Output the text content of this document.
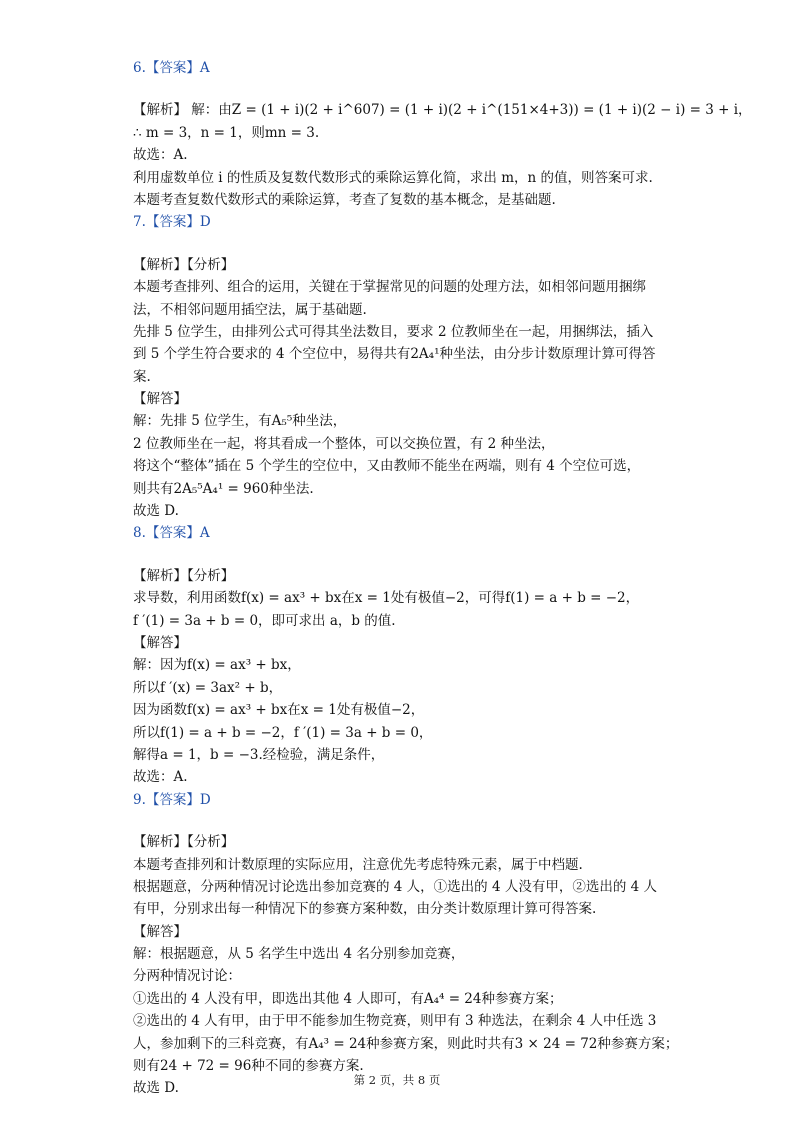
6.【答案】A
【解析】 解：由Z = (1 + i)(2 + i^607) = (1 + i)(2 + i^(151×4+3)) = (1 + i)(2 − i) = 3 + i，
∴ m = 3，n = 1，则mn = 3.
故选：A.
利用虚数单位 i 的性质及复数代数形式的乘除运算化简，求出 m，n 的值，则答案可求.
本题考查复数代数形式的乘除运算，考查了复数的基本概念，是基础题.
7.【答案】D
【解析】【分析】
本题考查排列、组合的运用，关键在于掌握常见的问题的处理方法，如相邻问题用捆绑
法，不相邻问题用插空法，属于基础题.
先排 5 位学生，由排列公式可得其坐法数目，要求 2 位教师坐在一起，用捆绑法，插入
到 5 个学生符合要求的 4 个空位中，易得共有2A₄¹种坐法，由分步计数原理计算可得答
案.
【解答】
解：先排 5 位学生，有A₅⁵种坐法，
2 位教师坐在一起，将其看成一个整体，可以交换位置，有 2 种坐法，
将这个“整体”插在 5 个学生的空位中，又由教师不能坐在两端，则有 4 个空位可选，
则共有2A₅⁵A₄¹ = 960种坐法.
故选 D.
8.【答案】A
【解析】【分析】
求导数，利用函数f(x) = ax³ + bx在x = 1处有极值−2，可得f(1) = a + b = −2，
f ′(1) = 3a + b = 0，即可求出 a，b 的值.
【解答】
解：因为f(x) = ax³ + bx，
所以f ′(x) = 3ax² + b，
因为函数f(x) = ax³ + bx在x = 1处有极值−2，
所以f(1) = a + b = −2，f ′(1) = 3a + b = 0，
解得a = 1，b = −3.经检验，满足条件，
故选：A.
9.【答案】D
【解析】【分析】
本题考查排列和计数原理的实际应用，注意优先考虑特殊元素，属于中档题.
根据题意，分两种情况讨论选出参加竞赛的 4 人，①选出的 4 人没有甲，②选出的 4 人
有甲，分别求出每一种情况下的参赛方案种数，由分类计数原理计算可得答案.
【解答】
解：根据题意，从 5 名学生中选出 4 名分别参加竞赛，
分两种情况讨论：
①选出的 4 人没有甲，即选出其他 4 人即可，有A₄⁴ = 24种参赛方案；
②选出的 4 人有甲，由于甲不能参加生物竞赛，则甲有 3 种选法，在剩余 4 人中任选 3
人，参加剩下的三科竞赛，有A₄³ = 24种参赛方案，则此时共有3 × 24 = 72种参赛方案；
则有24 + 72 = 96种不同的参赛方案.
故选 D.
第 2 页，共 8 页
